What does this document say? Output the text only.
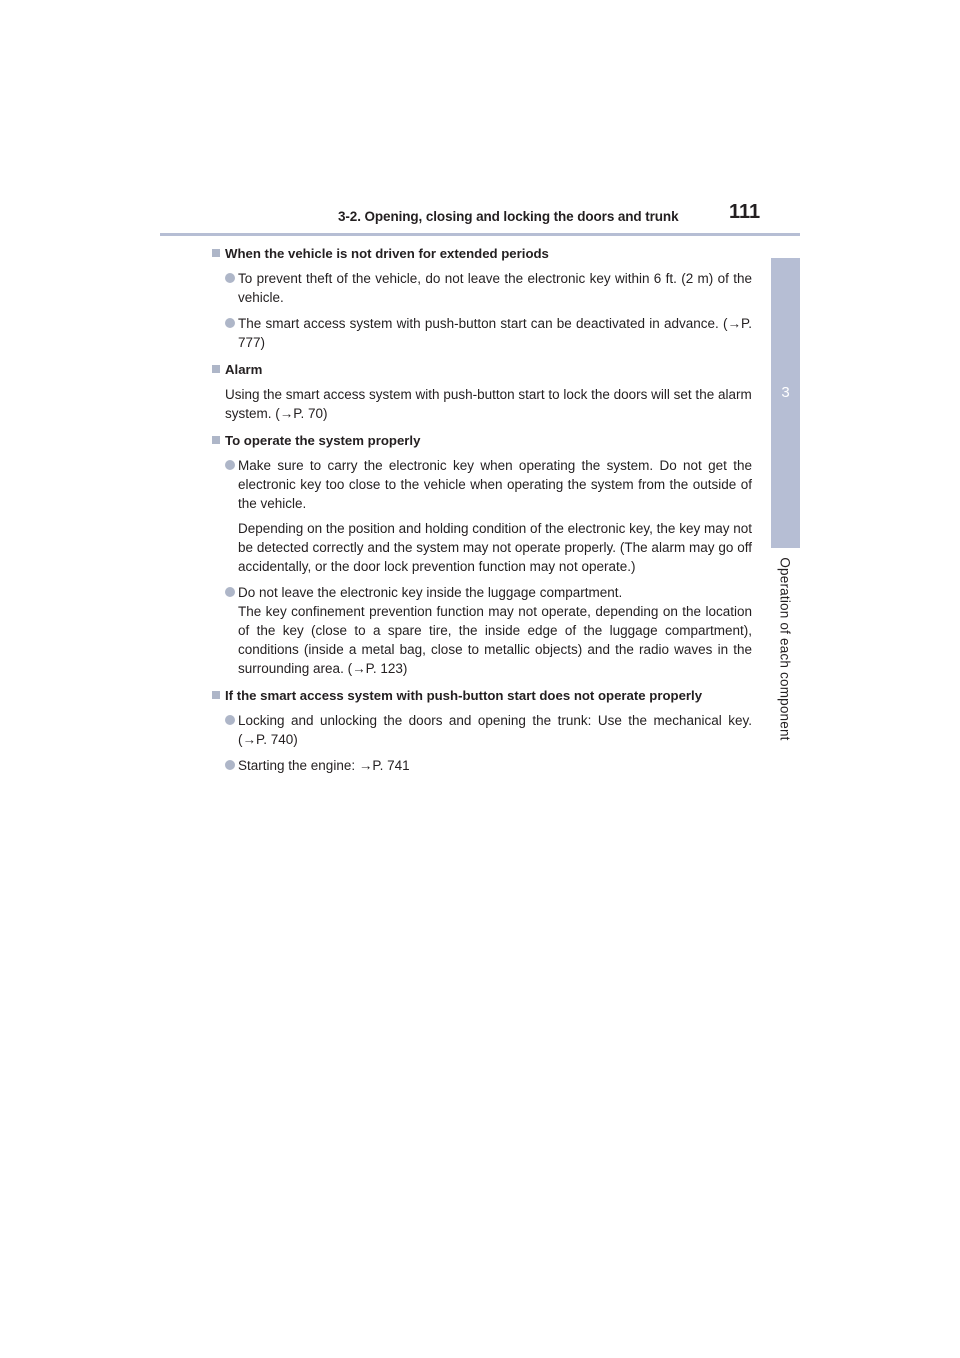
3-2. Opening, closing and locking the doors and trunk	111
3
Operation of each component
When the vehicle is not driven for extended periods

To prevent theft of the vehicle, do not leave the electronic key within 6 ft. (2 m) of the vehicle.

The smart access system with push-button start can be deactivated in advance. (→P. 777)

Alarm
Using the smart access system with push-button start to lock the doors will set the alarm system. (→P. 70)
To operate the system properly

Make sure to carry the electronic key when operating the system. Do not get the electronic key too close to the vehicle when operating the system from the outside of the vehicle.

Depending on the position and holding condition of the electronic key, the key may not be detected correctly and the system may not operate properly. (The alarm may go off accidentally, or the door lock prevention function may not operate.)

Do not leave the electronic key inside the luggage compartment.

The key confinement prevention function may not operate, depending on the location of the key (close to a spare tire, the inside edge of the luggage compartment), conditions (inside a metal bag, close to metallic objects) and the radio waves in the surrounding area. (→P. 123)

If the smart access system with push-button start does not operate properly

Locking and unlocking the doors and opening the trunk: Use the mechanical key. (→P. 740)

Starting the engine: →P. 741
